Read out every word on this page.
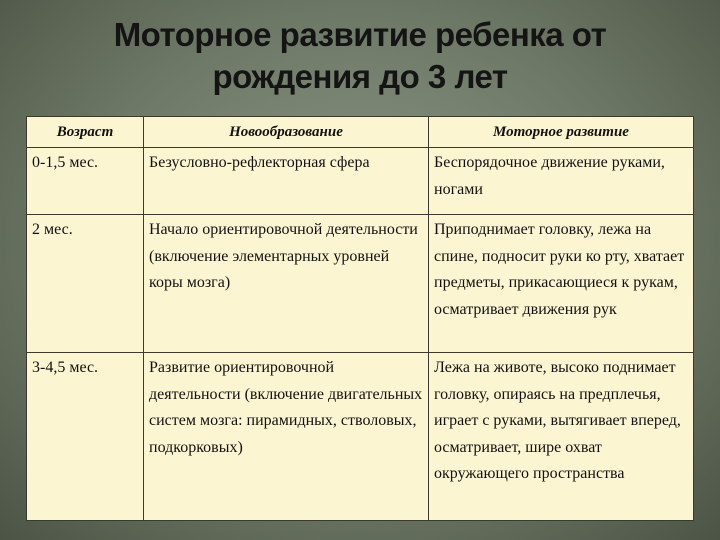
Моторное развитие ребенка от
рождения до 3 лет
Возраст	Новообразование	Моторное развитие
0-1,5 мес.	Безусловно-рефлекторная сфера	Беспорядочное движение руками, ногами
2 мес.	Начало ориентировочной деятельности (включение элементарных уровней коры мозга)	Приподнимает головку, лежа на спине, подносит руки ко рту, хватает предметы, прикасающиеся к рукам, осматривает движения рук
3-4,5 мес.	Развитие ориентировочной деятельности (включение двигательных систем мозга: пирамидных, стволовых, подкорковых)	Лежа на животе, высоко поднимает головку, опираясь на предплечья, играет с руками, вытягивает вперед, осматривает, шире охват окружающего пространства
